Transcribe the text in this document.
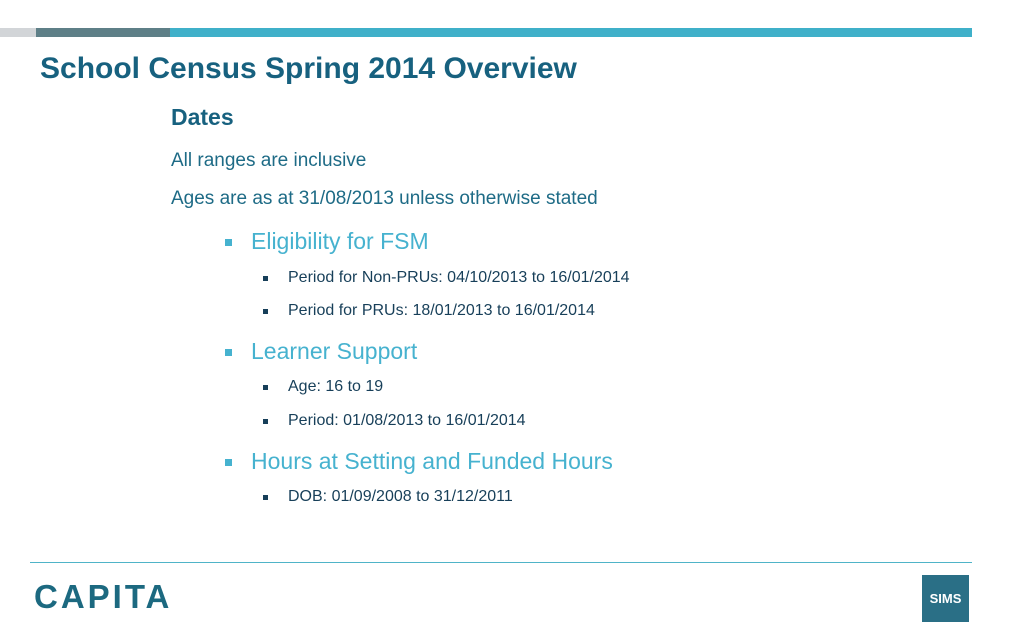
School Census Spring 2014 Overview
Dates
All ranges are inclusive
Ages are as at 31/08/2013 unless otherwise stated
Eligibility for FSM
Period for Non-PRUs: 04/10/2013 to 16/01/2014
Period for PRUs: 18/01/2013 to 16/01/2014
Learner Support
Age: 16 to 19
Period: 01/08/2013 to 16/01/2014
Hours at Setting and Funded Hours
DOB: 01/09/2008 to 31/12/2011
CAPITA	SIMS
